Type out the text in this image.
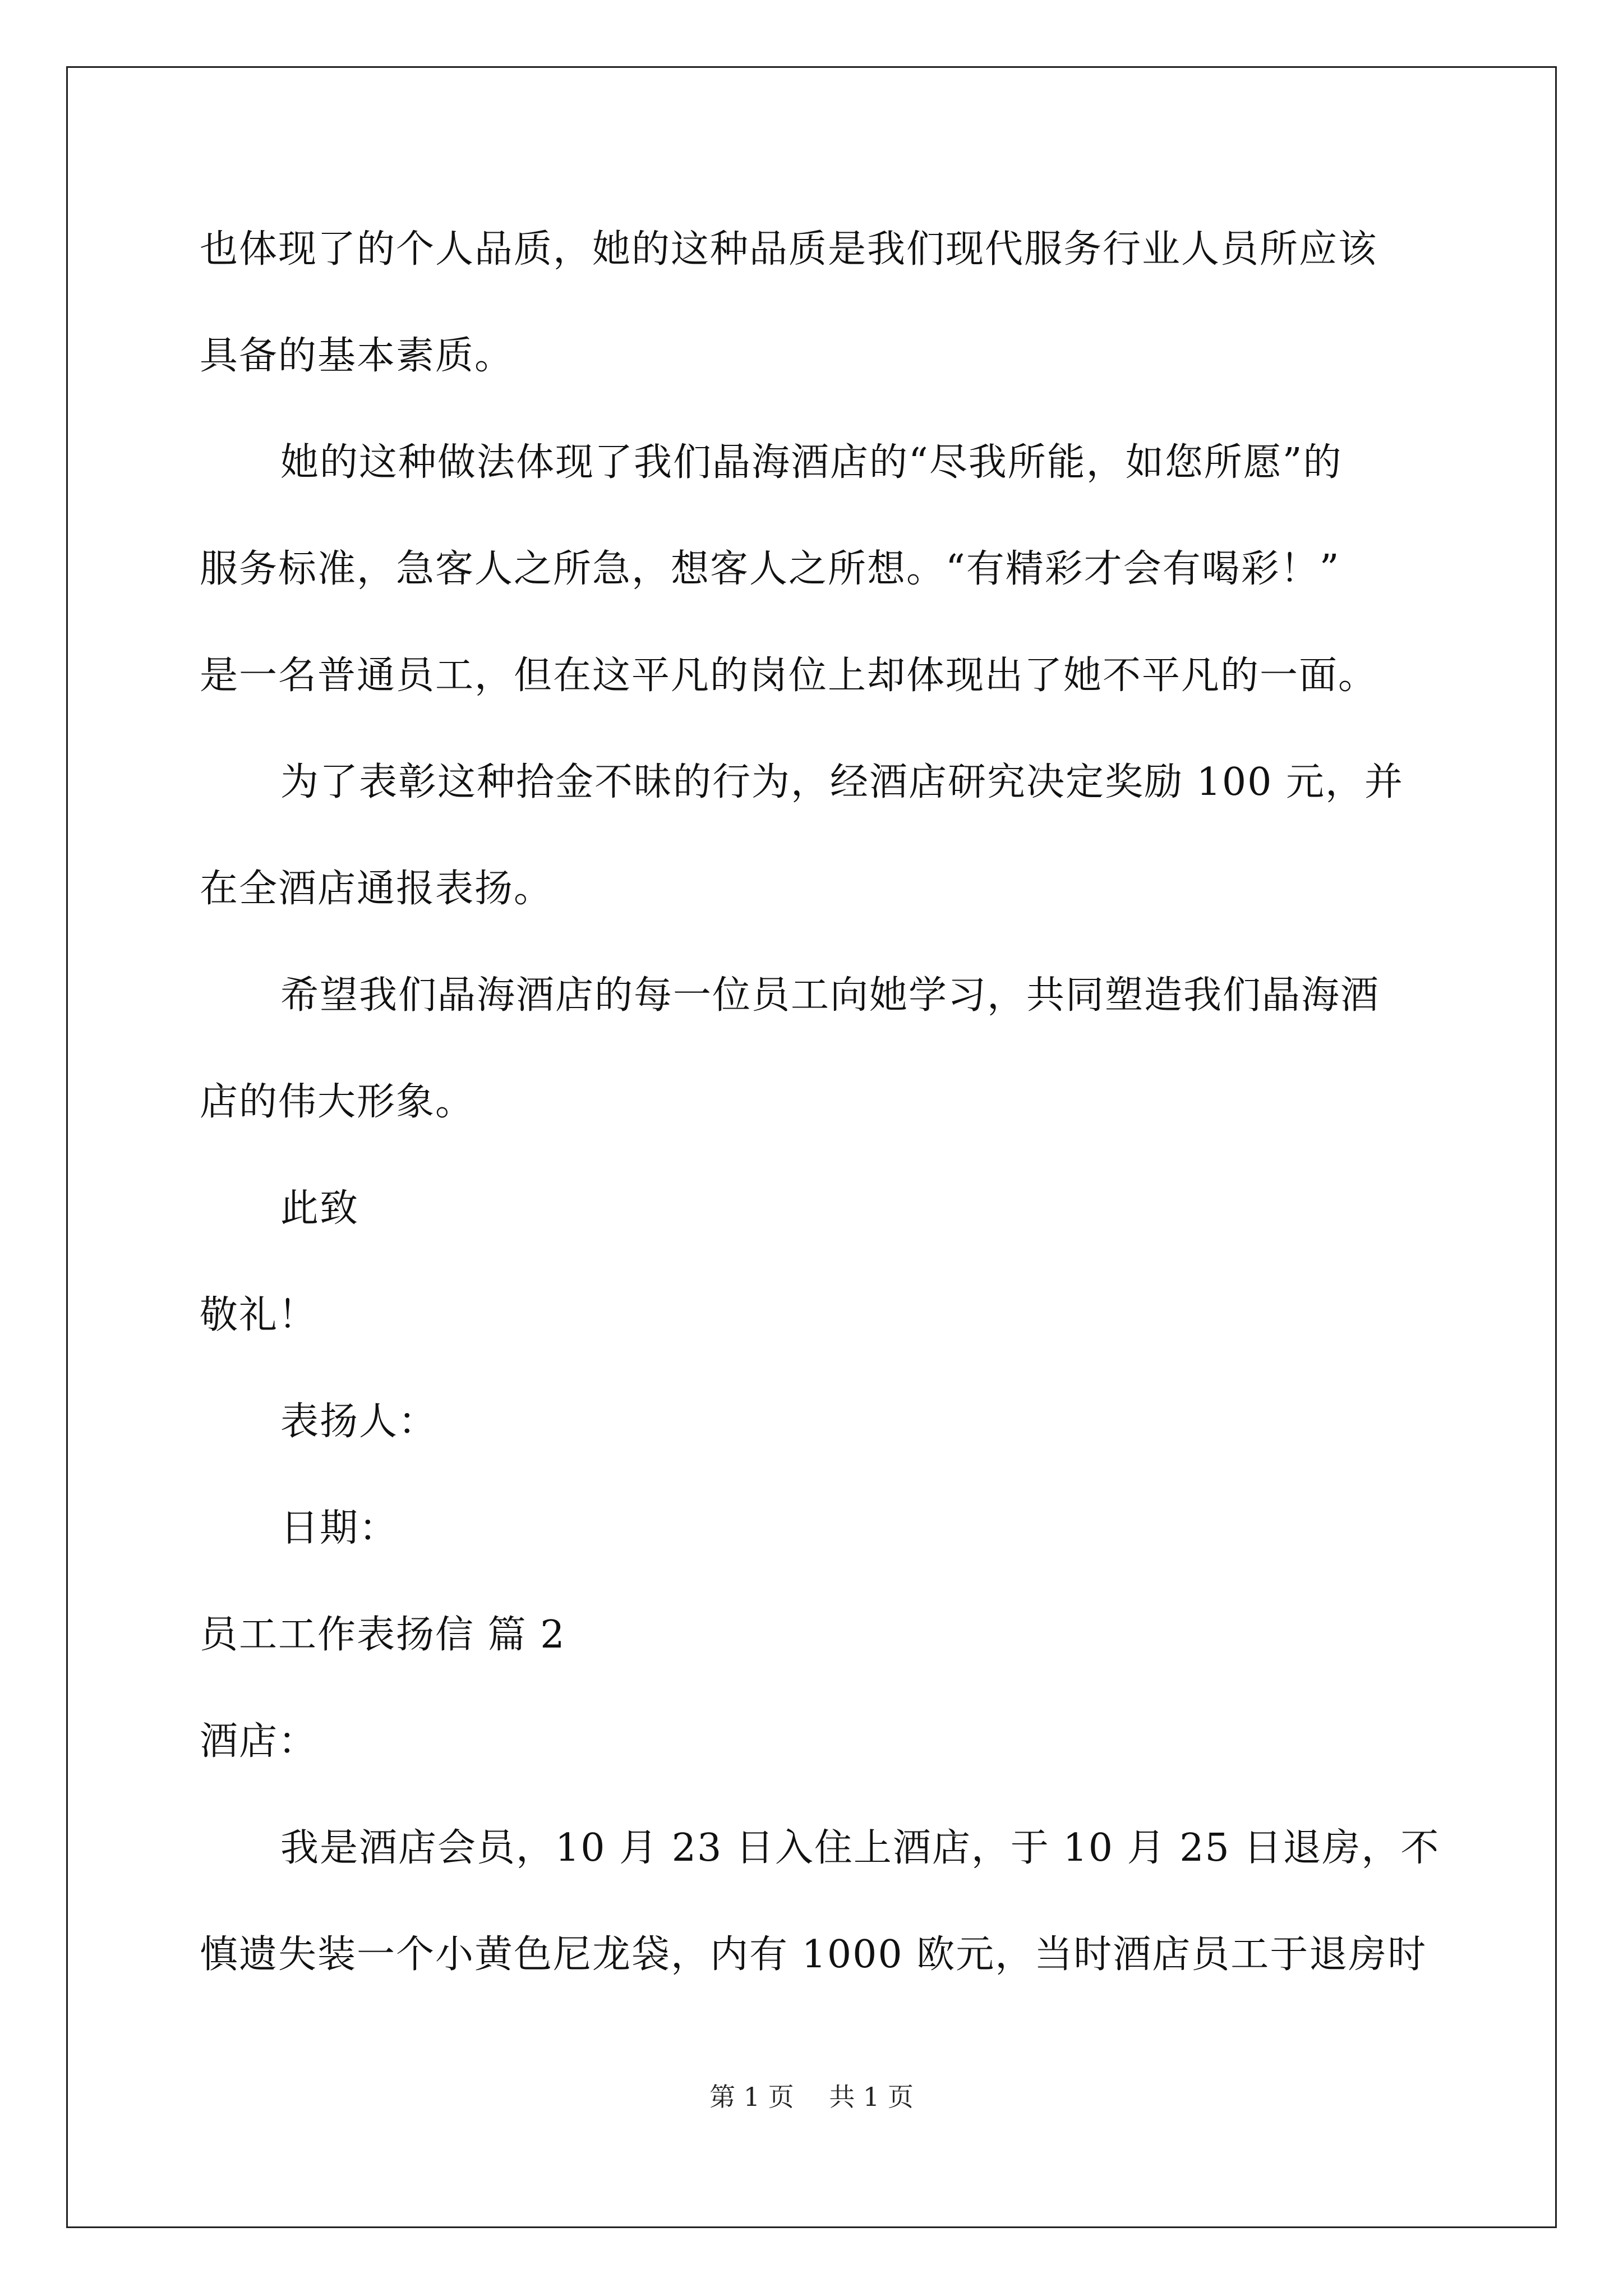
也体现了的个人品质，她的这种品质是我们现代服务行业人员所应该
具备的基本素质。
她的这种做法体现了我们晶海酒店的“尽我所能，如您所愿”的
服务标准，急客人之所急，想客人之所想。“有精彩才会有喝彩！”
是一名普通员工，但在这平凡的岗位上却体现出了她不平凡的一面。
为了表彰这种拾金不昧的行为，经酒店研究决定奖励 100 元，并
在全酒店通报表扬。
希望我们晶海酒店的每一位员工向她学习，共同塑造我们晶海酒
店的伟大形象。
此致
敬礼！
表扬人：
日期：
员工工作表扬信 篇 2
酒店：
我是酒店会员，10 月 23 日入住上酒店，于 10 月 25 日退房，不
慎遗失装一个小黄色尼龙袋，内有 1000 欧元，当时酒店员工于退房时
第 1 页 共 1 页
